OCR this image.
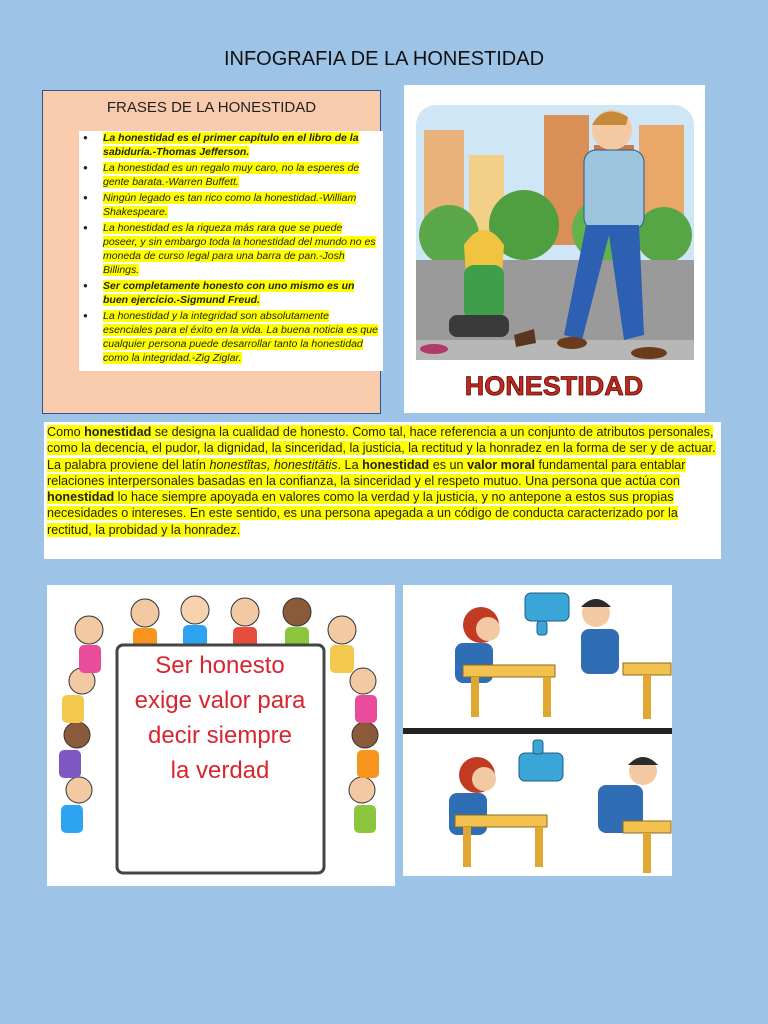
INFOGRAFIA DE LA HONESTIDAD
FRASES DE LA HONESTIDAD
● La honestidad es el primer capítulo en el libro de la sabiduría.-Thomas Jefferson.
● La honestidad es un regalo muy caro, no la esperes de gente barata.-Warren Buffett.
● Ningún legado es tan rico como la honestidad.-William Shakespeare.
● La honestidad es la riqueza más rara que se puede poseer, y sin embargo toda la honestidad del mundo no es moneda de curso legal para una barra de pan.-Josh Billings.
● Ser completamente honesto con uno mismo es un buen ejercicio.-Sigmund Freud.
● La honestidad y la integridad son absolutamente esenciales para el éxito en la vida. La buena noticia es que cualquier persona puede desarrollar tanto la honestidad como la integridad.-Zig Ziglar.
HONESTIDAD
Como honestidad se designa la cualidad de honesto. Como tal, hace referencia a un conjunto de atributos personales, como la decencia, el pudor, la dignidad, la sinceridad, la justicia, la rectitud y la honradez en la forma de ser y de actuar. La palabra proviene del latín honestĭtas, honestitātis. La honestidad es un valor moral fundamental para entablar relaciones interpersonales basadas en la confianza, la sinceridad y el respeto mutuo. Una persona que actúa con honestidad lo hace siempre apoyada en valores como la verdad y la justicia, y no antepone a estos sus propias necesidades o intereses. En este sentido, es una persona apegada a un código de conducta caracterizado por la rectitud, la probidad y la honradez.
Ser honesto
exige valor para
decir siempre
la verdad
